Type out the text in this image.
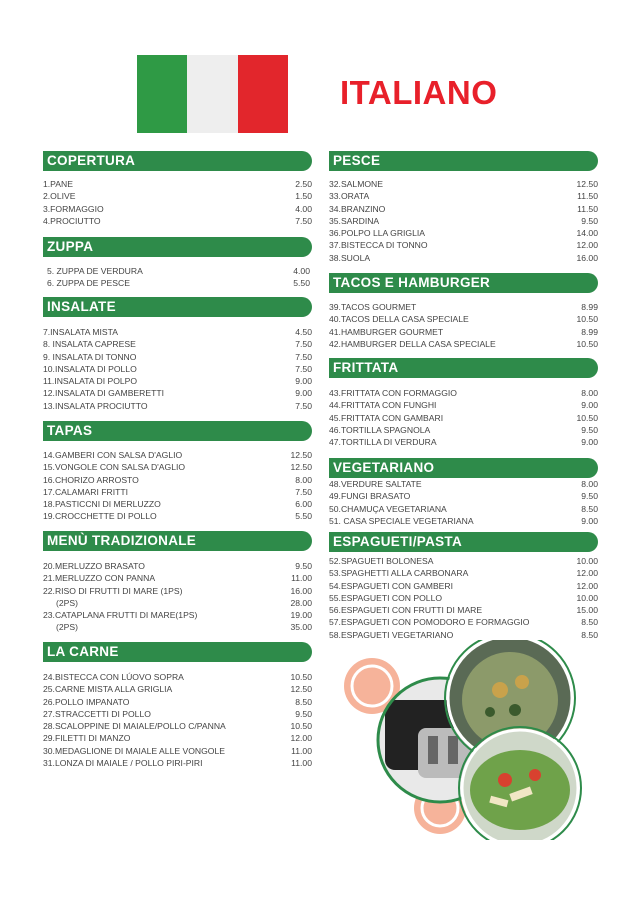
ITALIANO
COPERTURA
1.PANE	2.50
2.OLIVE	1.50
3.FORMAGGIO	4.00
4.PROCIUTTO	7.50
ZUPPA
5. ZUPPA DE VERDURA	4.00
6. ZUPPA DE PESCE	5.50
INSALATE
7.INSALATA MISTA	4.50
8. INSALATA CAPRESE	7.50
9. INSALATA DI TONNO	7.50
10.INSALATA DI POLLO	7.50
11.INSALATA DI POLPO	9.00
12.INSALATA DI GAMBERETTI	9.00
13.INSALATA PROCIUTTO	7.50
TAPAS
14.GAMBERI CON SALSA D'AGLIO	12.50
15.VONGOLE CON SALSA D'AGLIO	12.50
16.CHORIZO ARROSTO	8.00
17.CALAMARI FRITTI	7.50
18.PASTICCNI DI MERLUZZO	6.00
19.CROCCHETTE DI POLLO	5.50
MENÙ TRADIZIONALE
20.MERLUZZO BRASATO	9.50
21.MERLUZZO CON PANNA	11.00
22.RISO DI FRUTTI DI MARE (1PS)	16.00
(2PS)	28.00
23.CATAPLANA FRUTTI DI MARE(1PS)	19.00
(2PS)	35.00
LA CARNE
24.BISTECCA CON LÚOVO SOPRA	10.50
25.CARNE MISTA ALLA GRIGLIA	12.50
26.POLLO IMPANATO	8.50
27.STRACCETTI DI POLLO	9.50
28.SCALOPPINE DI MAIALE/POLLO C/PANNA	10.50
29.FILETTI DI MANZO	12.00
30.MEDAGLIONE DI MAIALE ALLE VONGOLE	11.00
31.LONZA DI MAIALE / POLLO PIRI-PIRI	11.00
PESCE
32.SALMONE	12.50
33.ORATA	11.50
34.BRANZINO	11.50
35.SARDINA	9.50
36.POLPO LLA GRIGLIA	14.00
37.BISTECCA DI TONNO	12.00
38.SUOLA	16.00
TACOS E HAMBURGER
39.TACOS GOURMET	8.99
40.TACOS DELLA CASA SPECIALE	10.50
41.HAMBURGER GOURMET	8.99
42.HAMBURGER DELLA CASA SPECIALE	10.50
FRITTATA
43.FRITTATA CON FORMAGGIO	8.00
44.FRITTATA CON FUNGHI	9.00
45.FRITTATA CON GAMBARI	10.50
46.TORTILLA SPAGNOLA	9.50
47.TORTILLA DI VERDURA	9.00
VEGETARIANO
48.VERDURE SALTATE	8.00
49.FUNGI BRASATO	9.50
50.CHAMUÇA VEGETARIANA	8.50
51. CASA SPECIALE VEGETARIANA	9.00
ESPAGUETI/PASTA
52.SPAGUETI BOLONESA	10.00
53.SPAGHETTI ALLA CARBONARA	12.00
54.ESPAGUETI CON GAMBERI	12.00
55.ESPAGUETI CON POLLO	10.00
56.ESPAGUETI CON FRUTTI DI MARE	15.00
57.ESPAGUETI CON POMODORO E FORMAGGIO	8.50
58.ESPAGUETI VEGETARIANO	8.50
